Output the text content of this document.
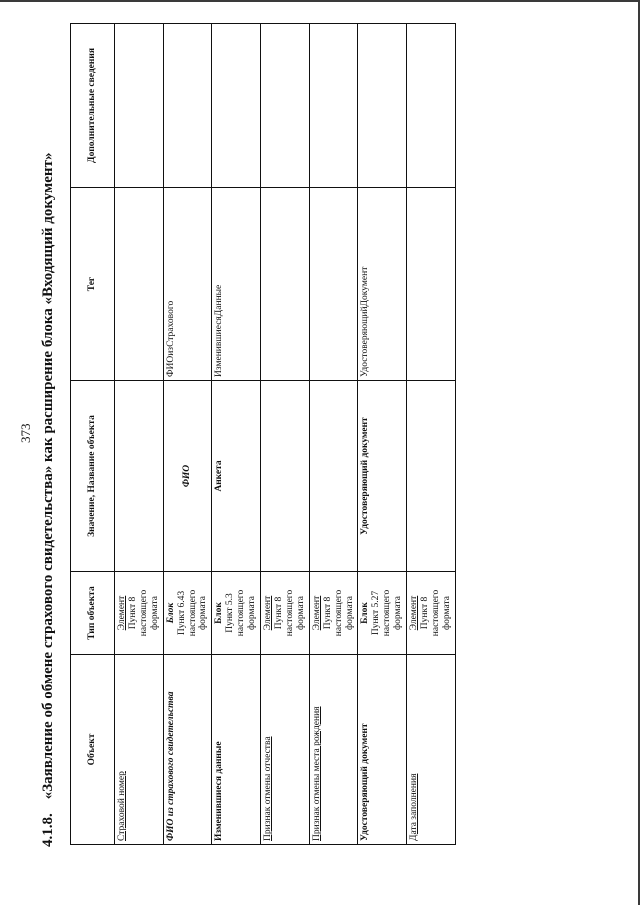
373
4.1.8.«Заявление об обмене страхового свидетельства» как расширение блока «Входящий документ»	Объект	Тип объекта	Значение, Название объекта	Тег	Дополнительные сведения
Страховой номер	Элемент Пункт 8 настоящего формата			

ФИО из страхового свидетельства	Блок Пункт 6.43 настоящего формата	ФИО	ФИОизСтрахового	
Изменившиеся данные	Блок Пункт 5.3 настоящего формата	Анкета	ИзменившиесяДанные	
Признак отмены отчества	Элемент Пункт 8 настоящего формата			

Признак отмены места рождения	Элемент Пункт 8 настоящего формата			

Удостоверяющий документ	Блок Пункт 5.27 настоящего формата	Удостоверяющий документ	УдостоверяющийДокумент	
Дата заполнения	Элемент Пункт 8 настоящего формата			
